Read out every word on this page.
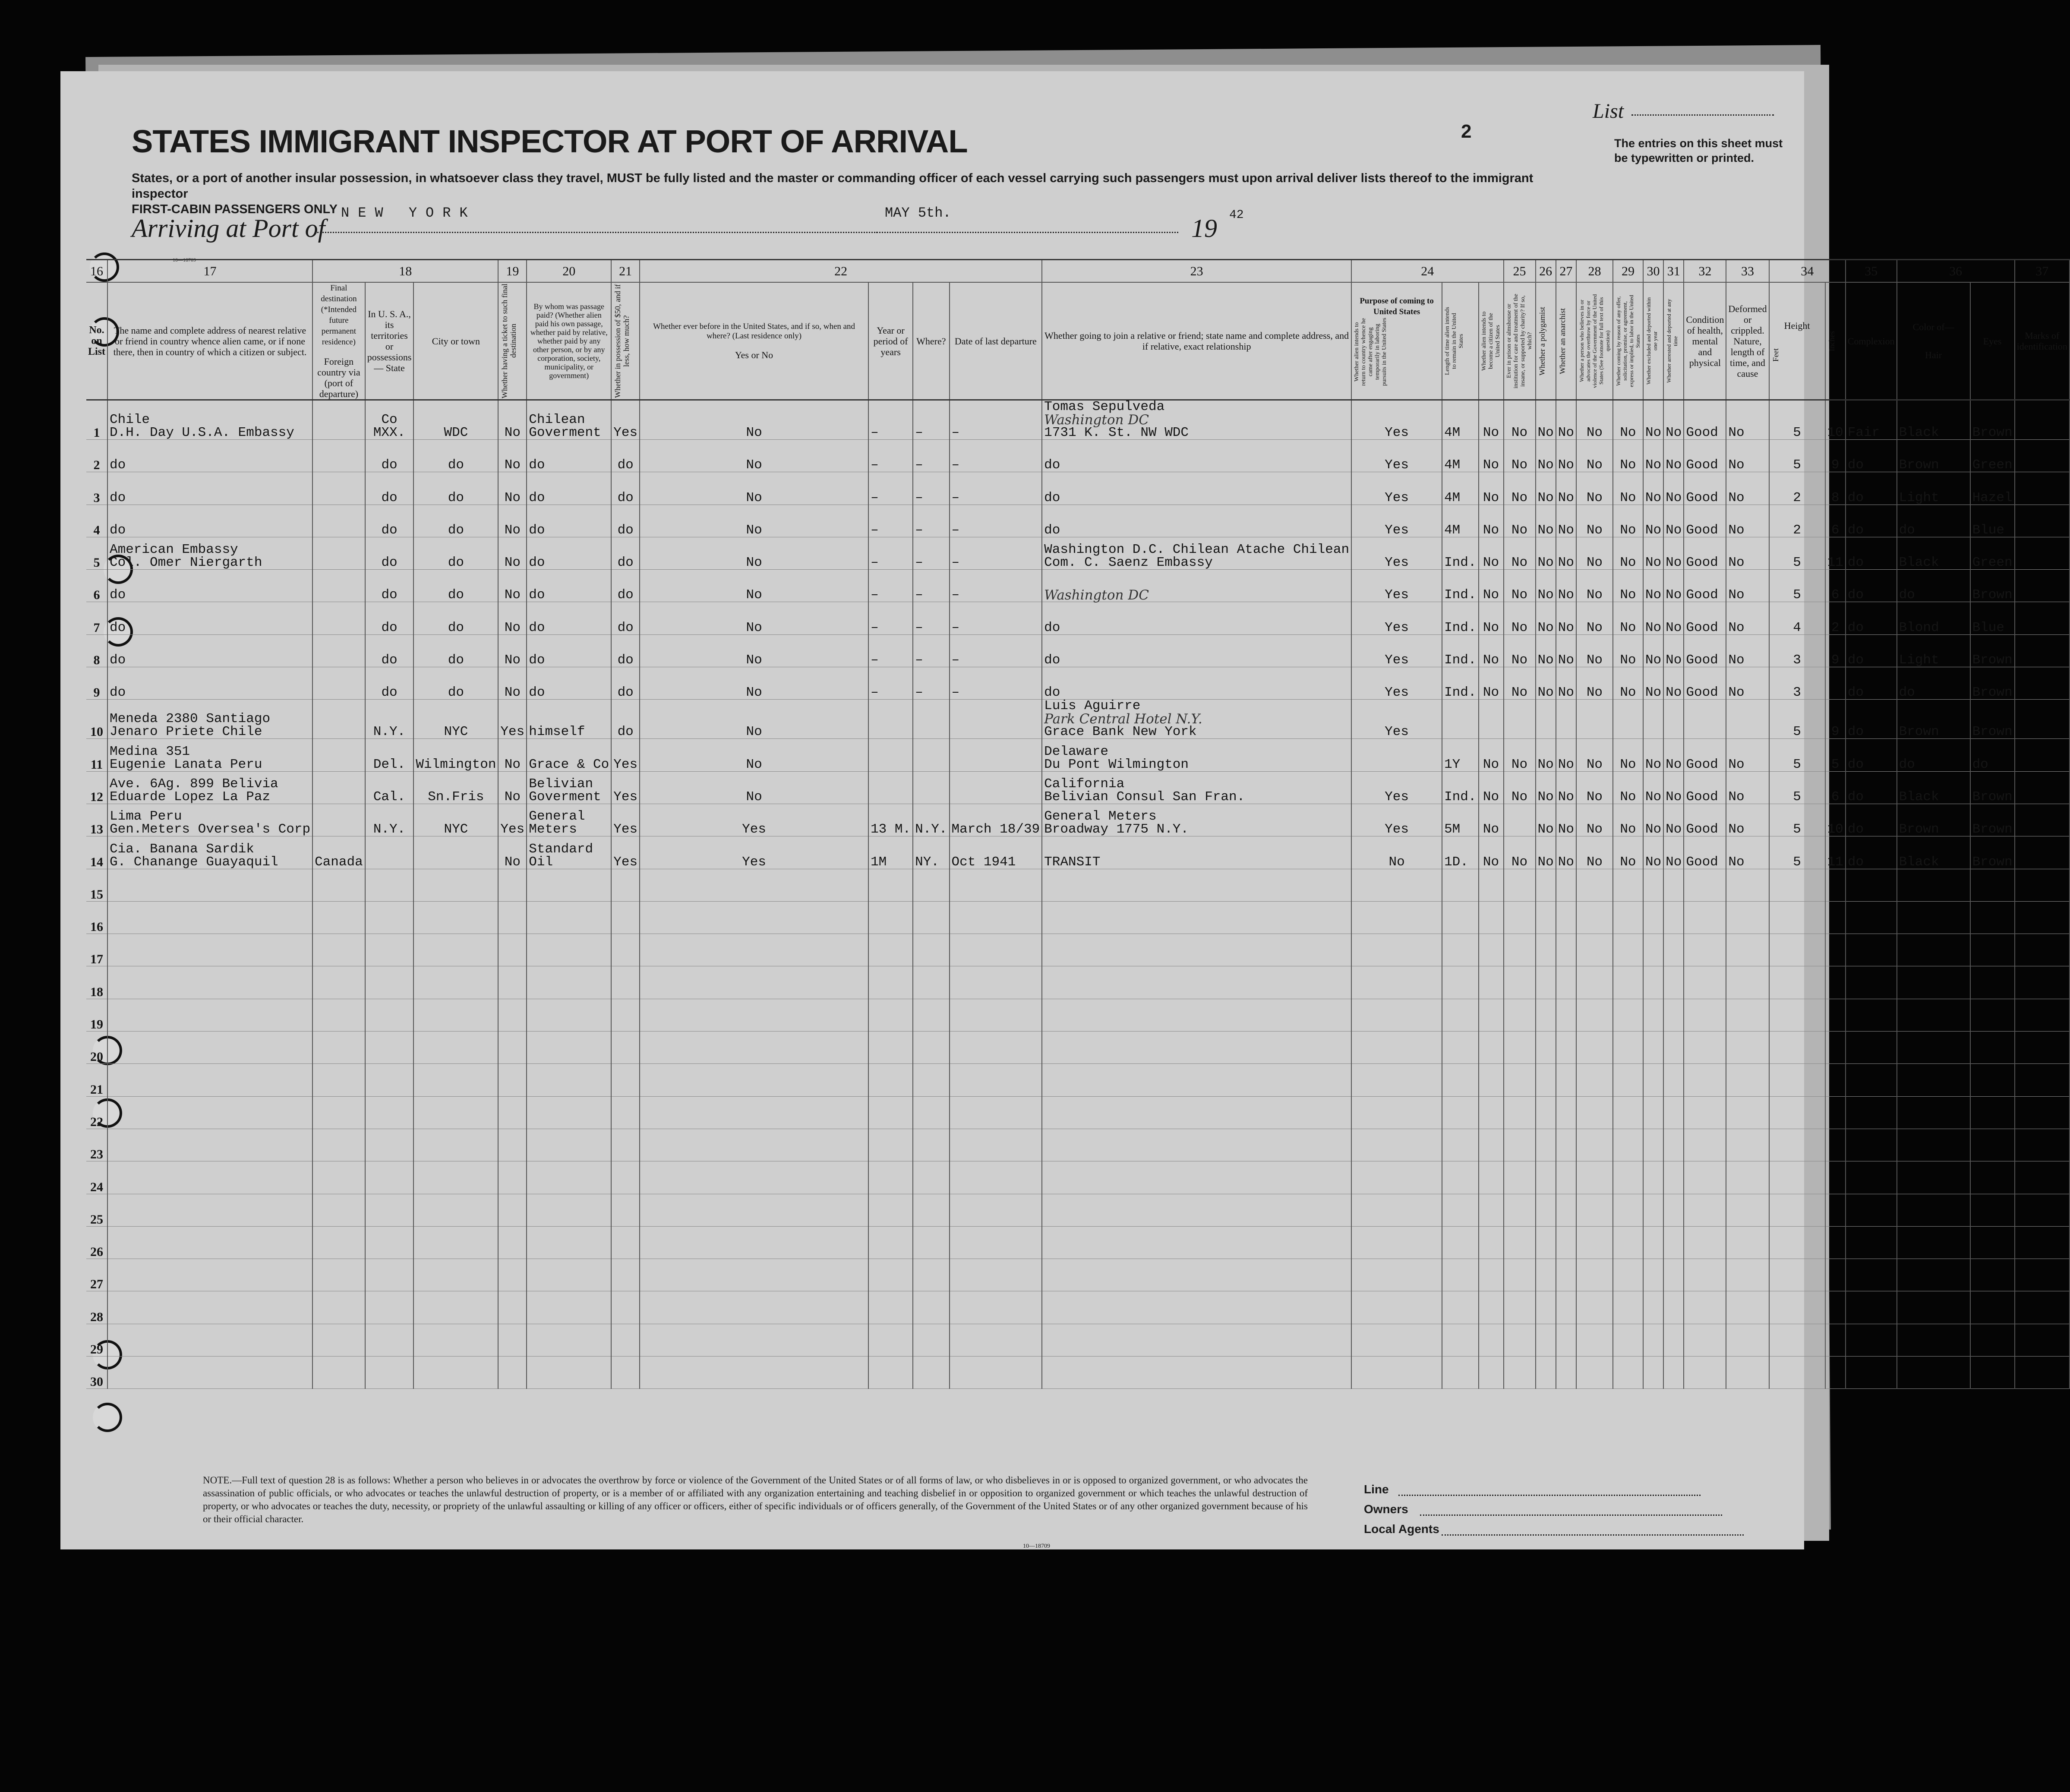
STATES IMMIGRANT INSPECTOR AT PORT OF ARRIVAL
States, or a port of another insular possession, in whatsoever class they travel, MUST be fully listed and the master or commanding officer of each vessel carrying such passengers must upon arrival deliver lists thereof to the immigrant inspector
FIRST-CABIN PASSENGERS ONLY
Arriving at Port of
NEW YORK	MAY 5th.
19 42
List
2
The entries on this sheet must be typewritten or printed.
10—18709
16	17	18			19	20	21	22				23	24			25	26	27	28	29	30	31	32	33	34		35	36		37
No. on List	The name and complete address of nearest relative or friend in country whence alien came, or if none there, then in country of which a citizen or subject.	Final destination (*Intended future permanent residence)
Foreign country via (port of departure)	In U. S. A., its territories or possessions — State	City or town	Whether having a ticket to such final destination	By whom was passage paid? (Whether alien paid his own passage, whether paid by relative, whether paid by any other person, or by any corporation, society, municipality, or government)	Whether in possession of $50, and if less, how much?	Whether ever before in the United States, and if so, when and where? (Last residence only)
Yes or No	Year or period of years	Where?	Date of last departure	Whether going to join a relative or friend; state name and complete address, and if relative, exact relationship	Purpose of coming to United States
Whether alien intends to return to country whence he came after engaging temporarily in laboring pursuits in the United States	Length of time alien intends to remain in the United States	Whether alien intends to become a citizen of the United States	Ever in prison or almshouse or institution for care and treatment of the insane, or supported by charity? If so, which?	Whether a polygamist	Whether an anarchist	Whether a person who believes in or advocates the overthrow by force or violence of the Government of the United States (See footnote for full text of this question)	Whether coming by reason of any offer, solicitation, promise, or agreement, express or implied, to labor in the United States	Whether excluded and deported within one year	Whether arrested and deported at any time	Condition of health, mental and physical	Deformed or crippled. Nature, length of time, and cause	Height
Feet	Inches	Complexion	Color of—
Hair	Eyes	Marks of identification
1	Chile
D.H. Day U.S.A. Embassy		Co
MXX.	WDC	No	Chilean
Goverment	Yes	No	–	–	–	Tomas Sepulveda
Washington DC
1731 K. St. NW WDC	Yes	4M	No	No	No	No	No	No	No	No	Good	No	5	10	Fair	Black	Brown	

2	do		do	do	No	do	do	No	–	–	–	do	Yes	4M	No	No	No	No	No	No	No	No	Good	No	5	9	do	Brown	Green	

3	do		do	do	No	do	do	No	–	–	–	do	Yes	4M	No	No	No	No	No	No	No	No	Good	No	2	8	do	Light	Hazel	

4	do		do	do	No	do	do	No	–	–	–	do	Yes	4M	No	No	No	No	No	No	No	No	Good	No	2	6	do	do	Blue	

5	American Embassy
Col. Omer Niergarth		do	do	No	do	do	No	–	–	–	Washington D.C. Chilean Atache Chilean
Com. C. Saenz Embassy	Yes	Ind.	No	No	No	No	No	No	No	No	Good	No	5	11	do	Black	Green	

6	do		do	do	No	do	do	No	–	–	–	Washington DC	Yes	Ind.	No	No	No	No	No	No	No	No	Good	No	5	6	do	do	Brown	

7	do		do	do	No	do	do	No	–	–	–	do	Yes	Ind.	No	No	No	No	No	No	No	No	Good	No	4	2	do	Blond	Blue	

8	do		do	do	No	do	do	No	–	–	–	do	Yes	Ind.	No	No	No	No	No	No	No	No	Good	No	3	9	do	Light	Brown	

9	do		do	do	No	do	do	No	–	–	–	do	Yes	Ind.	No	No	No	No	No	No	No	No	Good	No	3		do	do	Brown	

10	Meneda 2380 Santiago
Jenaro Priete Chile		N.Y.	NYC	Yes	himself	do	No				Luis Aguirre
Park Central Hotel N.Y.
Grace Bank New York	Yes												5	9	do	Brown	Brown	

11	Medina 351
Eugenie Lanata Peru		Del.	Wilmington	No	Grace & Co	Yes	No				Delaware
Du Pont Wilmington		1Y	No	No	No	No	No	No	No	No	Good	No	5	5	do	do	do	

12	Ave. 6Ag. 899 Belivia
Eduarde Lopez La Paz		Cal.	Sn.Fris	No	Belivian
Goverment	Yes	No				California
Belivian Consul San Fran.	Yes	Ind.	No	No	No	No	No	No	No	No	Good	No	5	6	do	Black	Brown	

13	Lima Peru
Gen.Meters Oversea's Corp		N.Y.	NYC	Yes	General
Meters	Yes	Yes	13 M.	N.Y.	March 18/39	General Meters
Broadway 1775 N.Y.	Yes	5M	No		No	No	No	No	No	No	Good	No	5	10	do	Brown	Brown	

14	Cia. Banana Sardik
G. Chanange Guayaquil	Canada			No	Standard
Oil	Yes	Yes	1M	NY.	Oct 1941	TRANSIT	No	1D.	No	No	No	No	No	No	No	No	Good	No	5	11	do	Black	Brown	

15																														
16																														
17																														
18																														
19																														
20																														
21																														
22																														
23																														
24																														
25																														
26																														
27																														
28																														
29																														
30																														
NOTE.—Full text of question 28 is as follows: Whether a person who believes in or advocates the overthrow by force or violence of the Government of the United States or of all forms of law, or who disbelieves in or is opposed to organized government, or who advocates the assassination of public officials, or who advocates or teaches the unlawful destruction of property, or is a member of or affiliated with any organization entertaining and teaching disbelief in or opposition to organized government or which teaches the unlawful destruction of property, or who advocates or teaches the duty, necessity, or propriety of the unlawful assaulting or killing of any officer or officers, either of specific individuals or of officers generally, of the Government of the United States or of any other organized government because of his or their official character.
10—18709
Line
Owners
Local Agents
